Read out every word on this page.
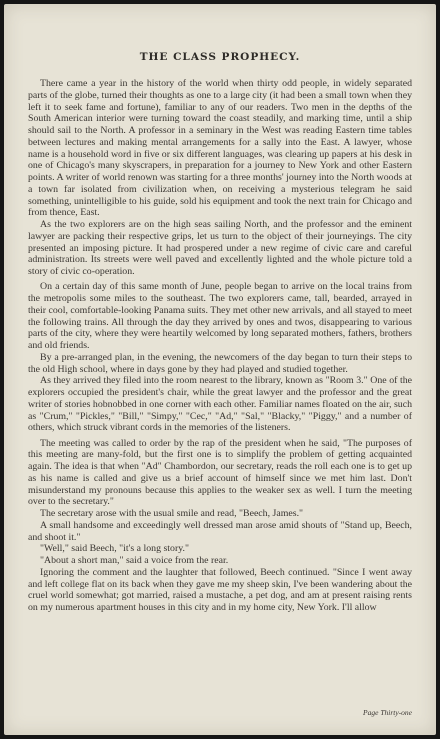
THE CLASS PROPHECY.

There came a year in the history of the world when thirty odd people, in widely separated parts of the globe, turned their thoughts as one to a large city (it had been a small town when they left it to seek fame and fortune), familiar to any of our readers. Two men in the depths of the South American interior were turning toward the coast steadily, and marking time, until a ship should sail to the North. A professor in a seminary in the West was reading Eastern time tables between lectures and making mental arrangements for a sally into the East. A lawyer, whose name is a household word in five or six different languages, was clearing up papers at his desk in one of Chicago's many skyscrapers, in preparation for a journey to New York and other Eastern points. A writer of world renown was starting for a three months' journey into the North woods at a town far isolated from civilization when, on receiving a mysterious telegram he said something, unintelligible to his guide, sold his equipment and took the next train for Chicago and from thence, East.

As the two explorers are on the high seas sailing North, and the professor and the eminent lawyer are packing their respective grips, let us turn to the object of their journeyings. The city presented an imposing picture. It had prospered under a new regime of civic care and careful administration. Its streets were well paved and excellently lighted and the whole picture told a story of civic co-operation.

On a certain day of this same month of June, people began to arrive on the local trains from the metropolis some miles to the southeast. The two explorers came, tall, bearded, arrayed in their cool, comfortable-looking Panama suits. They met other new arrivals, and all stayed to meet the following trains. All through the day they arrived by ones and twos, disappearing to various parts of the city, where they were heartily welcomed by long separated mothers, fathers, brothers and old friends.

By a pre-arranged plan, in the evening, the newcomers of the day began to turn their steps to the old High school, where in days gone by they had played and studied together.

As they arrived they filed into the room nearest to the library, known as "Room 3." One of the explorers occupied the president's chair, while the great lawyer and the professor and the great writer of stories hobnobbed in one corner with each other. Familiar names floated on the air, such as "Crum," "Pickles," "Bill," "Simpy," "Cec," "Ad," "Sal," "Blacky," "Piggy," and a number of others, which struck vibrant cords in the memories of the listeners.

The meeting was called to order by the rap of the president when he said, "The purposes of this meeting are many-fold, but the first one is to simplify the problem of getting acquainted again. The idea is that when "Ad" Chambordon, our secretary, reads the roll each one is to get up as his name is called and give us a brief account of himself since we met him last. Don't misunderstand my pronouns because this applies to the weaker sex as well. I turn the meeting over to the secretary."

The secretary arose with the usual smile and read, "Beech, James."

A small handsome and exceedingly well dressed man arose amid shouts of "Stand up, Beech, and shoot it."

"Well," said Beech, "it's a long story."

"About a short man," said a voice from the rear.

Ignoring the comment and the laughter that followed, Beech continued. "Since I went away and left college flat on its back when they gave me my sheep skin, I've been wandering about the cruel world somewhat; got married, raised a mustache, a pet dog, and am at present raising rents on my numerous apartment houses in this city and in my home city, New York. I'll allow

Page Thirty-one
